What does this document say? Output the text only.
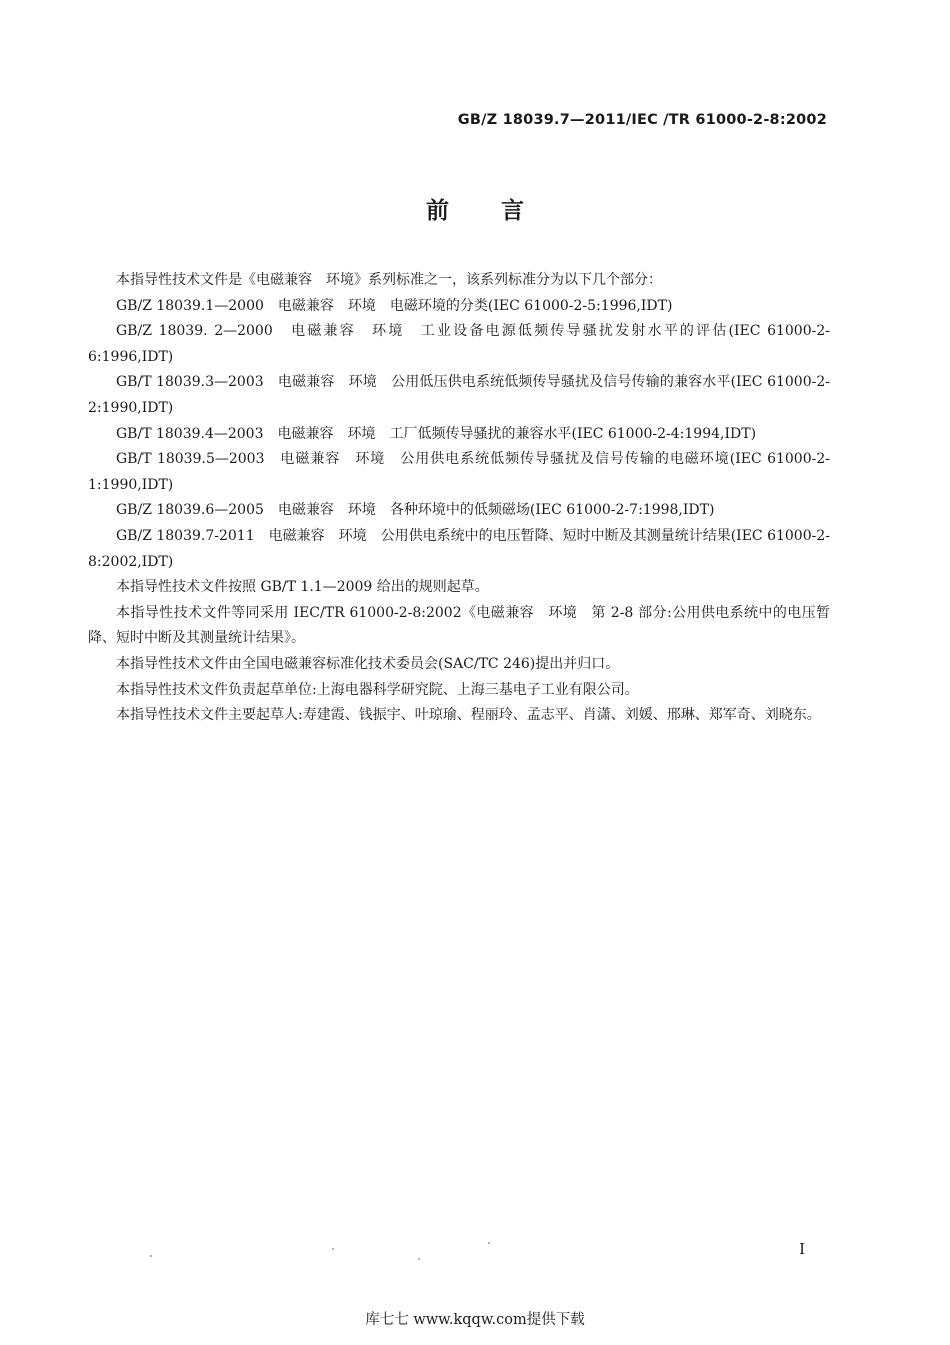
GB/Z 18039.7—2011/IEC /TR 61000-2-8:2002
前言

本指导性技术文件是《电磁兼容　环境》系列标准之一，该系列标准分为以下几个部分：

GB/Z 18039.1—2000　电磁兼容　环境　电磁环境的分类(IEC 61000-2-5:1996,IDT)

GB/Z 18039. 2—2000　电磁兼容　环境　工业设备电源低频传导骚扰发射水平的评估(IEC 61000-2-6:1996,IDT)

GB/T 18039.3—2003　电磁兼容　环境　公用低压供电系统低频传导骚扰及信号传输的兼容水平(IEC 61000-2-2:1990,IDT)

GB/T 18039.4—2003　电磁兼容　环境　工厂低频传导骚扰的兼容水平(IEC 61000-2-4:1994,IDT)

GB/T 18039.5—2003　电磁兼容　环境　公用供电系统低频传导骚扰及信号传输的电磁环境(IEC 61000-2-1:1990,IDT)

GB/Z 18039.6—2005　电磁兼容　环境　各种环境中的低频磁场(IEC 61000-2-7:1998,IDT)

GB/Z 18039.7-2011　电磁兼容　环境　公用供电系统中的电压暂降、短时中断及其测量统计结果(IEC 61000-2-8:2002,IDT)

本指导性技术文件按照 GB/T 1.1—2009 给出的规则起草。

本指导性技术文件等同采用 IEC/TR 61000-2-8:2002《电磁兼容　环境　第 2-8 部分:公用供电系统中的电压暂降、短时中断及其测量统计结果》。

本指导性技术文件由全国电磁兼容标准化技术委员会(SAC/TC 246)提出并归口。

本指导性技术文件负责起草单位:上海电器科学研究院、上海三基电子工业有限公司。

本指导性技术文件主要起草人:寿建霞、钱振宇、叶琼瑜、程丽玲、孟志平、肖潇、刘媛、邢琳、郑军奇、刘晓东。

I
库七七 www.kqqw.com提供下载
